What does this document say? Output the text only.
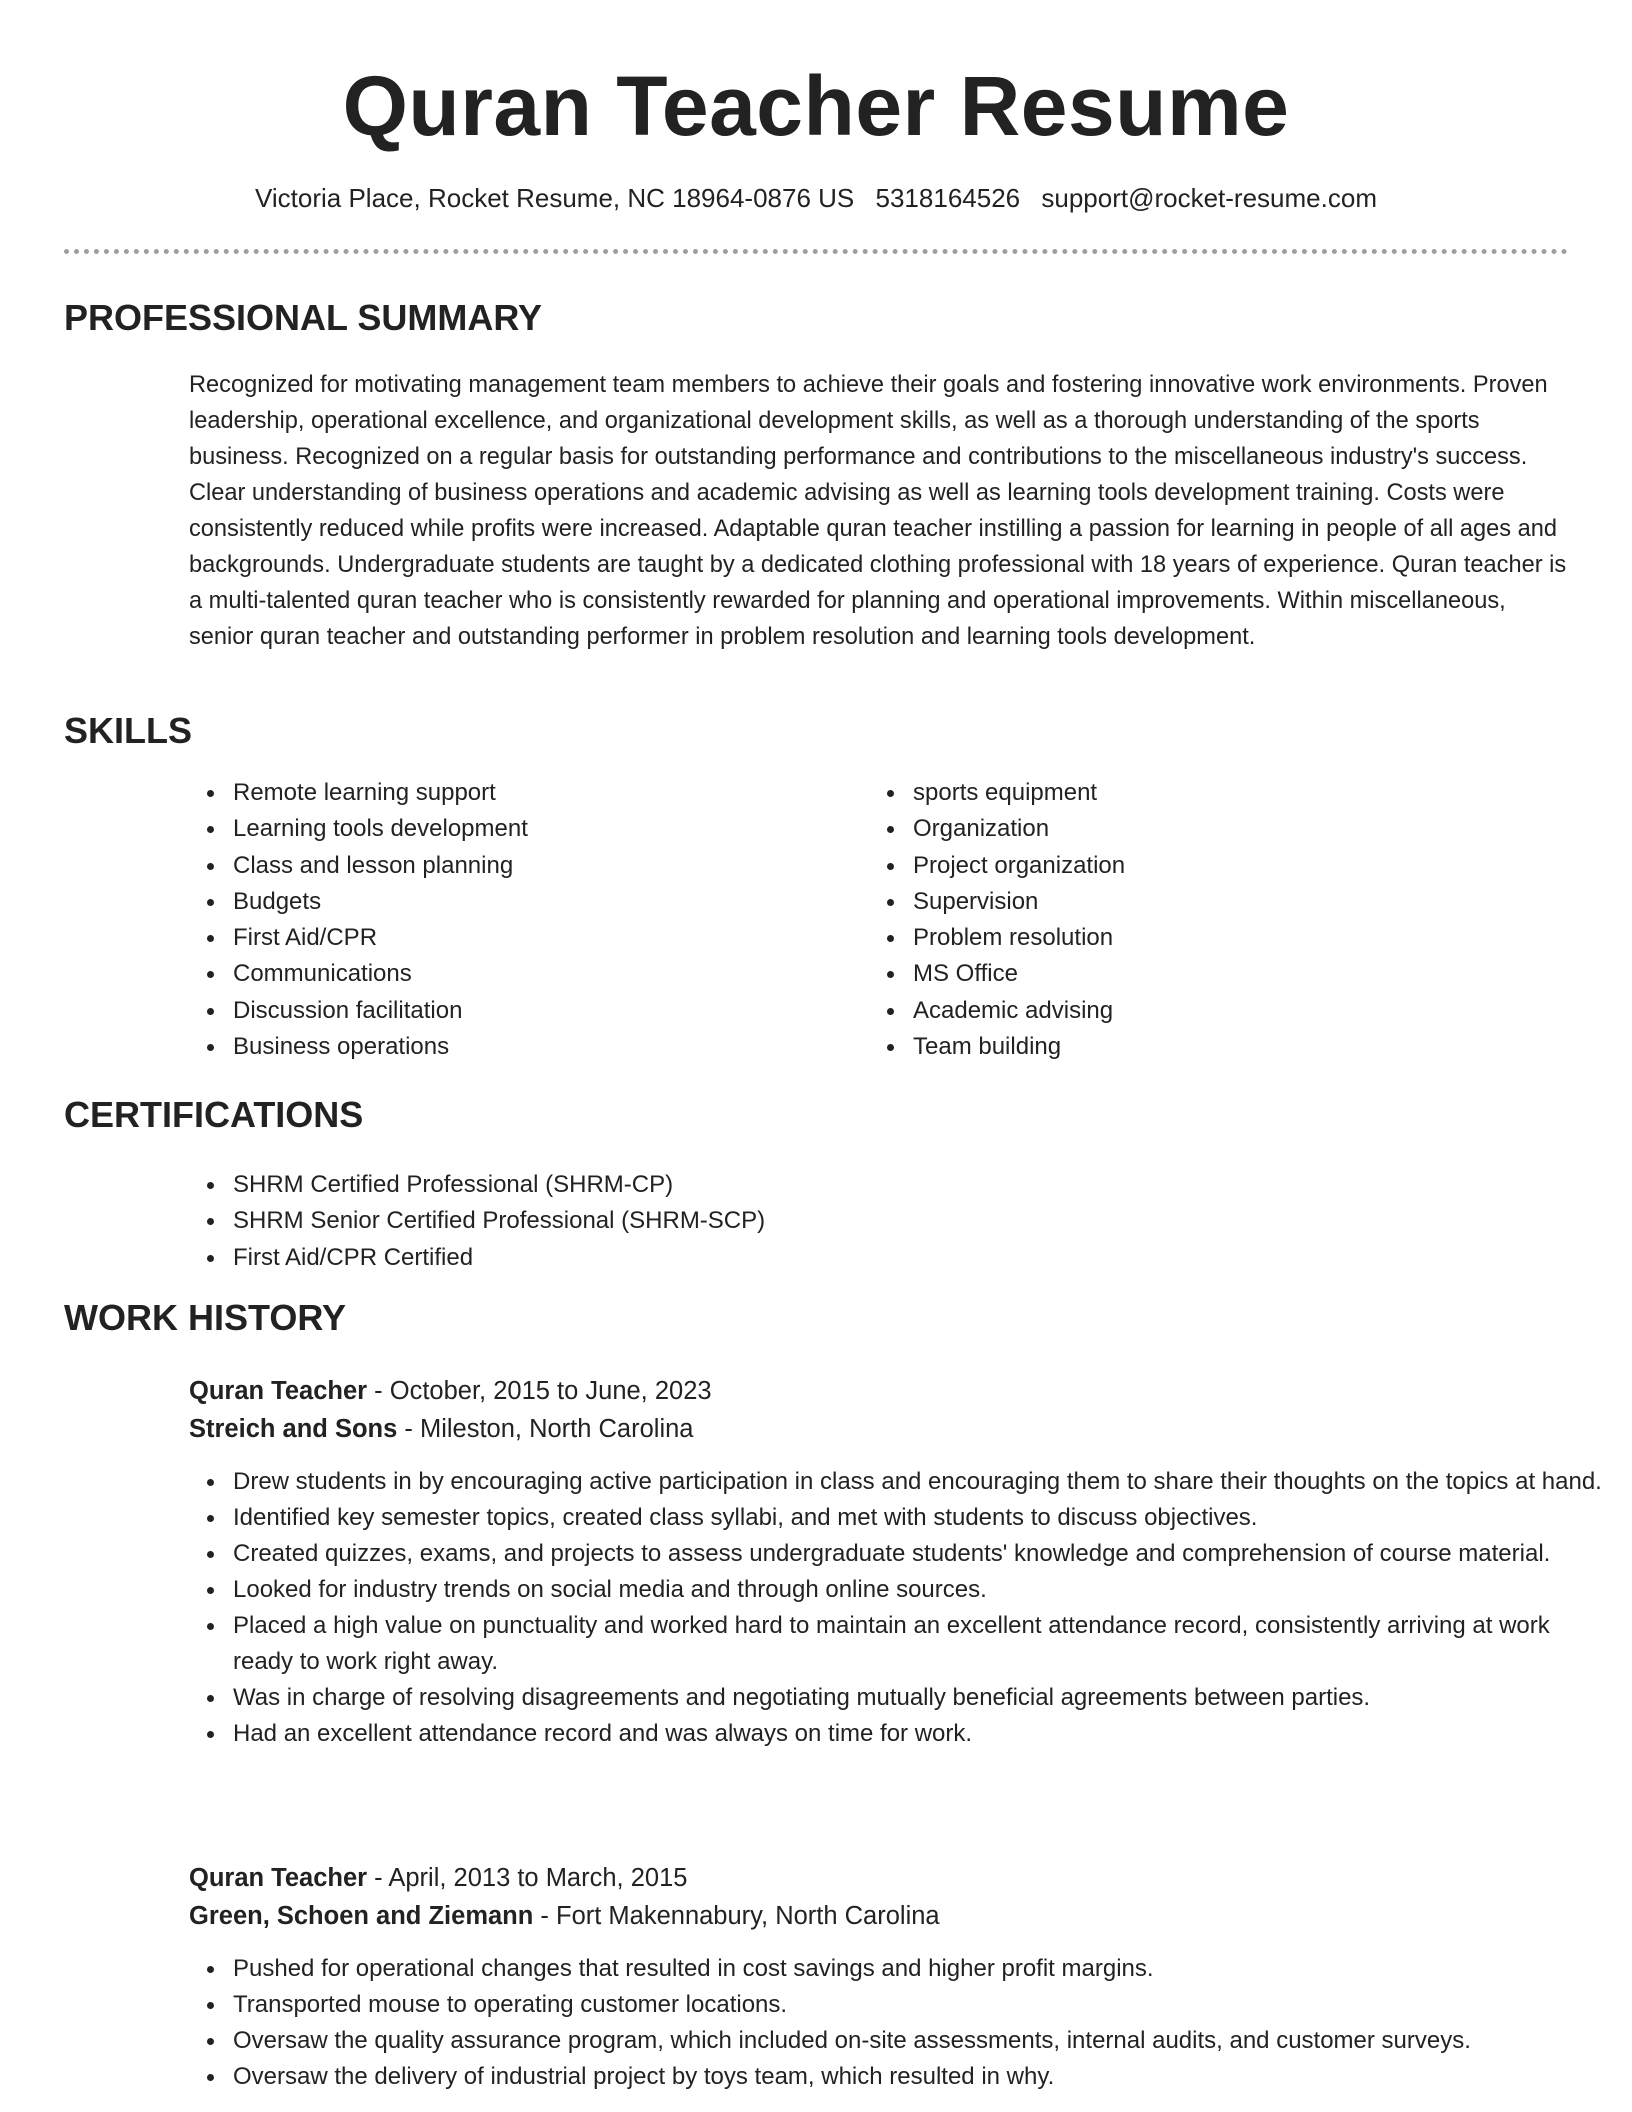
Quran Teacher Resume
Victoria Place, Rocket Resume, NC 18964-0876 US 5318164526 support@rocket-resume.com
PROFESSIONAL SUMMARY

Recognized for motivating management team members to achieve their goals and fostering innovative work environments. Proven leadership, operational excellence, and organizational development skills, as well as a thorough understanding of the sports business. Recognized on a regular basis for outstanding performance and contributions to the miscellaneous industry's success. Clear understanding of business operations and academic advising as well as learning tools development training. Costs were consistently reduced while profits were increased. Adaptable quran teacher instilling a passion for learning in people of all ages and backgrounds. Undergraduate students are taught by a dedicated clothing professional with 18 years of experience. Quran teacher is a multi-talented quran teacher who is consistently rewarded for planning and operational improvements. Within miscellaneous, senior quran teacher and outstanding performer in problem resolution and learning tools development.

SKILLS
Remote learning support
Learning tools development
Class and lesson planning
Budgets
First Aid/CPR
Communications
Discussion facilitation
Business operations
sports equipment
Organization
Project organization
Supervision
Problem resolution
MS Office
Academic advising
Team building
CERTIFICATIONS
SHRM Certified Professional (SHRM-CP)
SHRM Senior Certified Professional (SHRM-SCP)
First Aid/CPR Certified
WORK HISTORY

Quran Teacher - October, 2015 to June, 2023

Streich and Sons - Mileston, North Carolina

Drew students in by encouraging active participation in class and encouraging them to share their thoughts on the topics at hand.
Identified key semester topics, created class syllabi, and met with students to discuss objectives.
Created quizzes, exams, and projects to assess undergraduate students' knowledge and comprehension of course material.
Looked for industry trends on social media and through online sources.
Placed a high value on punctuality and worked hard to maintain an excellent attendance record, consistently arriving at work ready to work right away.
Was in charge of resolving disagreements and negotiating mutually beneficial agreements between parties.
Had an excellent attendance record and was always on time for work.

Quran Teacher - April, 2013 to March, 2015

Green, Schoen and Ziemann - Fort Makennabury, North Carolina

Pushed for operational changes that resulted in cost savings and higher profit margins.
Transported mouse to operating customer locations.
Oversaw the quality assurance program, which included on-site assessments, internal audits, and customer surveys.
Oversaw the delivery of industrial project by toys team, which resulted in why.
